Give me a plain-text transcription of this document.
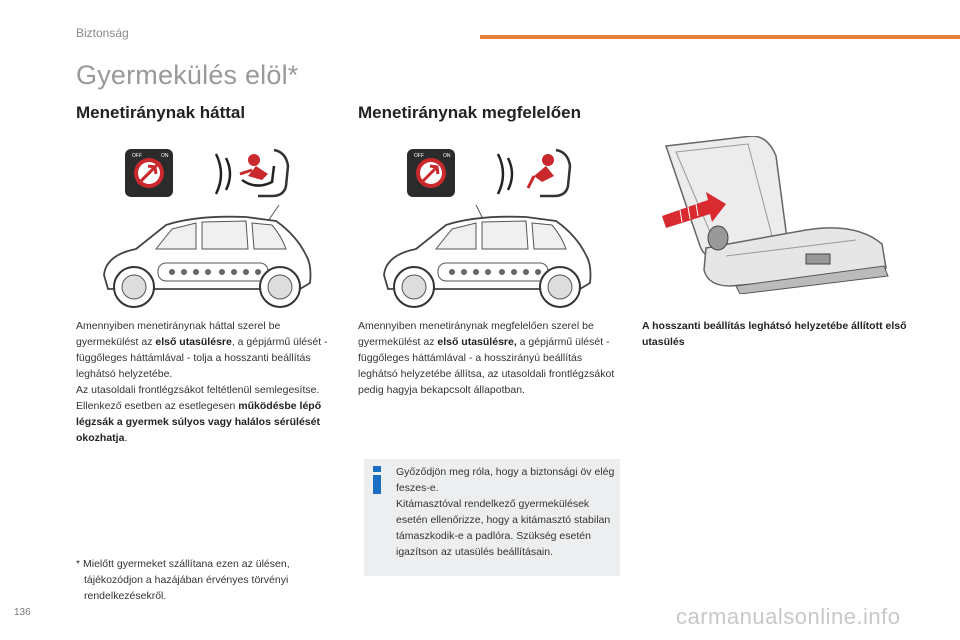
Biztonság
Gyermekülés elöl*
Menetiránynak háttal	Menetiránynak megfelelően
OFF	ON	OFF	ON
Amennyiben menetiránynak háttal szerel be gyermekülést az első utasülésre, a gépjármű ülését - függőleges háttámlával - tolja a hosszanti beállítás leghátsó helyzetébe.
Az utasoldali frontlégzsákot feltétlenül semlegesítse. Ellenkező esetben az esetlegesen működésbe lépő légzsák a gyermek súlyos vagy halálos sérülését okozhatja.
Amennyiben menetiránynak megfelelően szerel be gyermekülést az első utasülésre, a gépjármű ülését - függőleges háttámlával - a hosszirányú beállítás leghátsó helyzetébe állítsa, az utasoldali frontlégzsákot pedig hagyja bekapcsolt állapotban.
A hosszanti beállítás leghátsó helyzetébe állított első utasülés
Győződjön meg róla, hogy a biztonsági öv elég feszes-e.
Kitámasztóval rendelkező gyermekülések esetén ellenőrizze, hogy a kitámasztó stabilan támaszkodik-e a padlóra. Szükség esetén igazítson az utasülés beállításain.
* Mielőtt gyermeket szállítana ezen az ülésen,
tájékozódjon a hazájában érvényes törvényi rendelkezésekről.
136	carmanualsonline.info
